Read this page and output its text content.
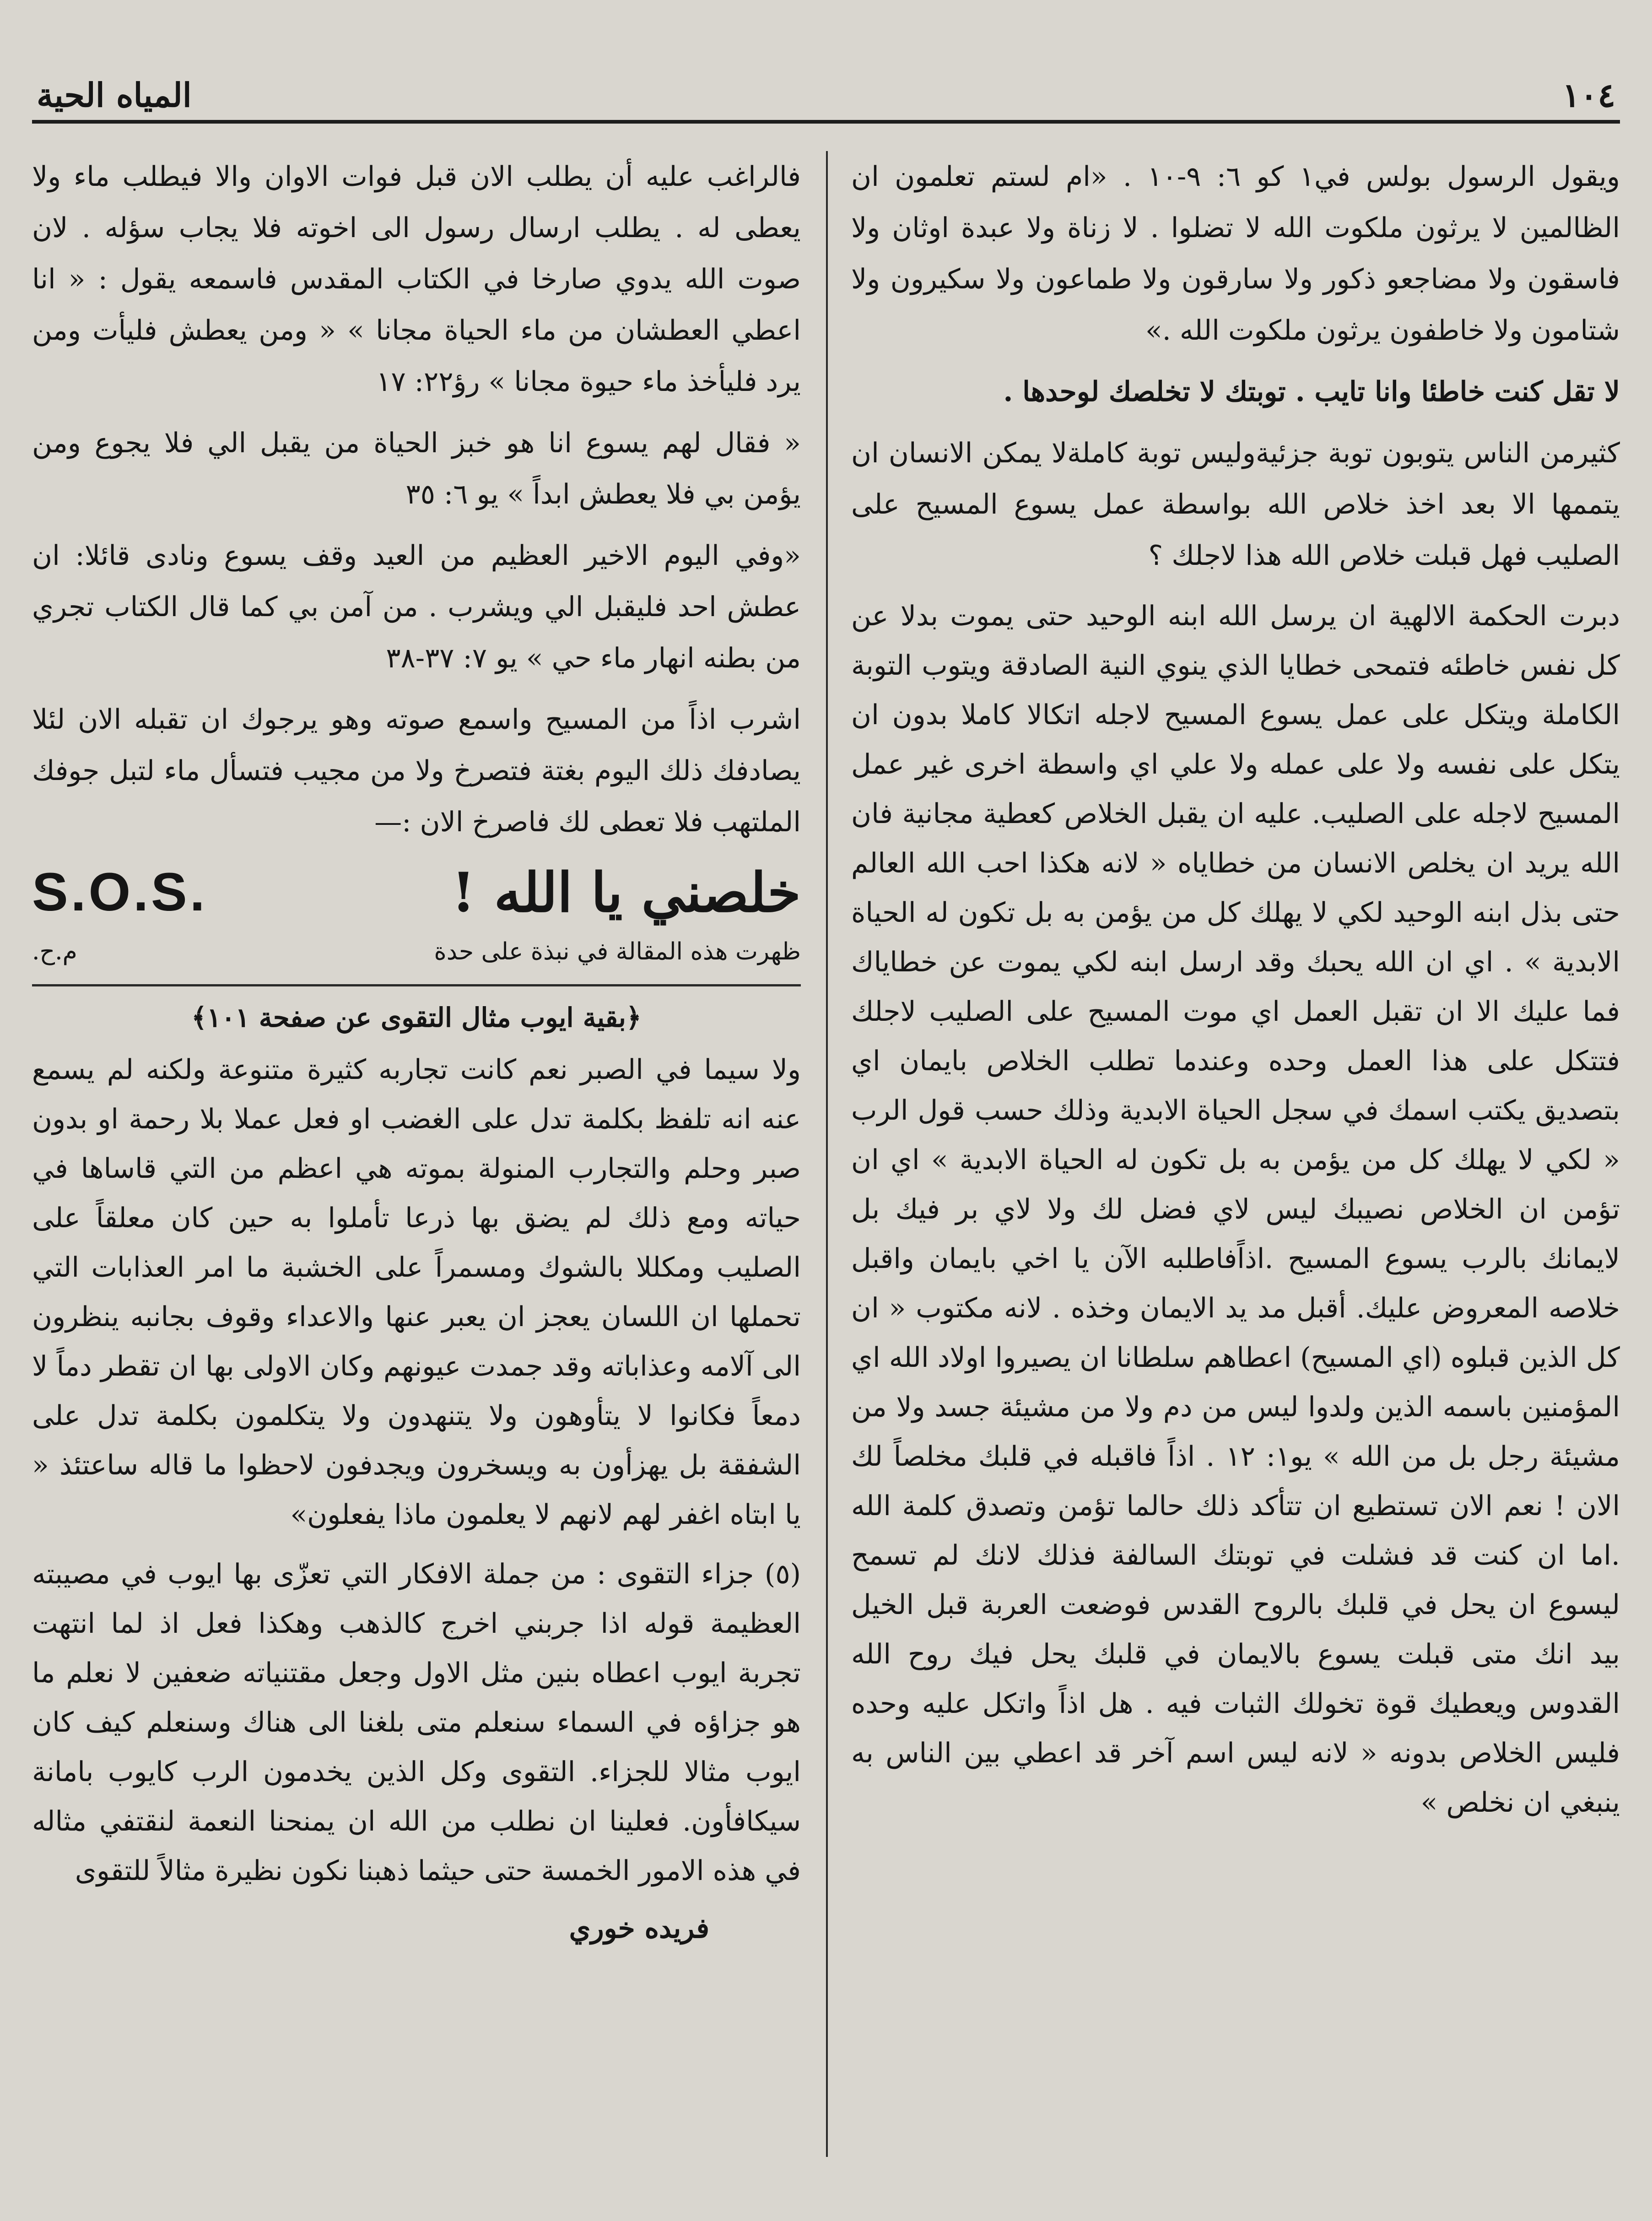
١٠٤
المياه الحية

ويقول الرسول بولس في١ كو ٦: ٩-١٠ . «ام لستم تعلمون ان الظالمين لا يرثون ملكوت الله لا تضلوا . لا زناة ولا عبدة اوثان ولا فاسقون ولا مضاجعو ذكور ولا سارقون ولا طماعون ولا سكيرون ولا شتامون ولا خاطفون يرثون ملكوت الله .»

لا تقل كنت خاطئا وانا تايب . توبتك لا تخلصك لوحدها .

كثيرمن الناس يتوبون توبة جزئيةوليس توبة كاملةلا يمكن الانسان ان يتممها الا بعد اخذ خلاص الله بواسطة عمل يسوع المسيح على الصليب فهل قبلت خلاص الله هذا لاجلك ؟

دبرت الحكمة الالهية ان يرسل الله ابنه الوحيد حتى يموت بدلا عن كل نفس خاطئه فتمحى خطايا الذي ينوي النية الصادقة ويتوب التوبة الكاملة ويتكل على عمل يسوع المسيح لاجله اتكالا كاملا بدون ان يتكل على نفسه ولا على عمله ولا علي اي واسطة اخرى غير عمل المسيح لاجله على الصليب. عليه ان يقبل الخلاص كعطية مجانية فان الله يريد ان يخلص الانسان من خطاياه « لانه هكذا احب الله العالم حتى بذل ابنه الوحيد لكي لا يهلك كل من يؤمن به بل تكون له الحياة الابدية » . اي ان الله يحبك وقد ارسل ابنه لكي يموت عن خطاياك فما عليك الا ان تقبل العمل اي موت المسيح على الصليب لاجلك فتتكل على هذا العمل وحده وعندما تطلب الخلاص بايمان اي بتصديق يكتب اسمك في سجل الحياة الابدية وذلك حسب قول الرب « لكي لا يهلك كل من يؤمن به بل تكون له الحياة الابدية » اي ان تؤمن ان الخلاص نصيبك ليس لاي فضل لك ولا لاي بر فيك بل لايمانك بالرب يسوع المسيح .اذاًفاطلبه الآن يا اخي بايمان واقبل خلاصه المعروض عليك. أقبل مد يد الايمان وخذه . لانه مكتوب « ان كل الذين قبلوه (اي المسيح) اعطاهم سلطانا ان يصيروا اولاد الله اي المؤمنين باسمه الذين ولدوا ليس من دم ولا من مشيئة جسد ولا من مشيئة رجل بل من الله » يو١: ١٢ . اذاً فاقبله في قلبك مخلصاً لك الان ! نعم الان تستطيع ان تتأكد ذلك حالما تؤمن وتصدق كلمة الله .اما ان كنت قد فشلت في توبتك السالفة فذلك لانك لم تسمح ليسوع ان يحل في قلبك بالروح القدس فوضعت العربة قبل الخيل بيد انك متى قبلت يسوع بالايمان في قلبك يحل فيك روح الله القدوس ويعطيك قوة تخولك الثبات فيه . هل اذاً واتكل عليه وحده فليس الخلاص بدونه « لانه ليس اسم آخر قد اعطي بين الناس به ينبغي ان نخلص »

فالراغب عليه أن يطلب الان قبل فوات الاوان والا فيطلب ماء ولا يعطى له . يطلب ارسال رسول الى اخوته فلا يجاب سؤله . لان صوت الله يدوي صارخا في الكتاب المقدس فاسمعه يقول : « انا اعطي العطشان من ماء الحياة مجانا » « ومن يعطش فليأت ومن يرد فليأخذ ماء حيوة مجانا » رؤ٢٢: ١٧

« فقال لهم يسوع انا هو خبز الحياة من يقبل الي فلا يجوع ومن يؤمن بي فلا يعطش ابداً » يو ٦: ٣٥

«وفي اليوم الاخير العظيم من العيد وقف يسوع ونادى قائلا: ان عطش احد فليقبل الي ويشرب . من آمن بي كما قال الكتاب تجري من بطنه انهار ماء حي » يو ٧: ٣٧-٣٨

اشرب اذاً من المسيح واسمع صوته وهو يرجوك ان تقبله الان لئلا يصادفك ذلك اليوم بغتة فتصرخ ولا من مجيب فتسأل ماء لتبل جوفك الملتهب فلا تعطى لك فاصرخ الان :—

خلصني يا الله !
S.O.S.
ظهرت هذه المقالة في نبذة على حدة
م.ح.
﴿بقية ايوب مثال التقوى عن صفحة ١٠١﴾

ولا سيما في الصبر نعم كانت تجاربه كثيرة متنوعة ولكنه لم يسمع عنه انه تلفظ بكلمة تدل على الغضب او فعل عملا بلا رحمة او بدون صبر وحلم والتجارب المنولة بموته هي اعظم من التي قاساها في حياته ومع ذلك لم يضق بها ذرعا تأملوا به حين كان معلقاً على الصليب ومكللا بالشوك ومسمراً على الخشبة ما امر العذابات التي تحملها ان اللسان يعجز ان يعبر عنها والاعداء وقوف بجانبه ينظرون الى آلامه وعذاباته وقد جمدت عيونهم وكان الاولى بها ان تقطر دماً لا دمعاً فكانوا لا يتأوهون ولا يتنهدون ولا يتكلمون بكلمة تدل على الشفقة بل يهزأون به ويسخرون ويجدفون لاحظوا ما قاله ساعتئذ « يا ابتاه اغفر لهم لانهم لا يعلمون ماذا يفعلون»

(٥) جزاء التقوى : من جملة الافكار التي تعزّى بها ايوب في مصيبته العظيمة قوله اذا جربني اخرج كالذهب وهكذا فعل اذ لما انتهت تجربة ايوب اعطاه بنين مثل الاول وجعل مقتنياته ضعفين لا نعلم ما هو جزاؤه في السماء سنعلم متى بلغنا الى هناك وسنعلم كيف كان ايوب مثالا للجزاء. التقوى وكل الذين يخدمون الرب كايوب بامانة سيكافأون. فعلينا ان نطلب من الله ان يمنحنا النعمة لنقتفي مثاله في هذه الامور الخمسة حتى حيثما ذهبنا نكون نظيرة مثالاً للتقوى

فريده خوري
